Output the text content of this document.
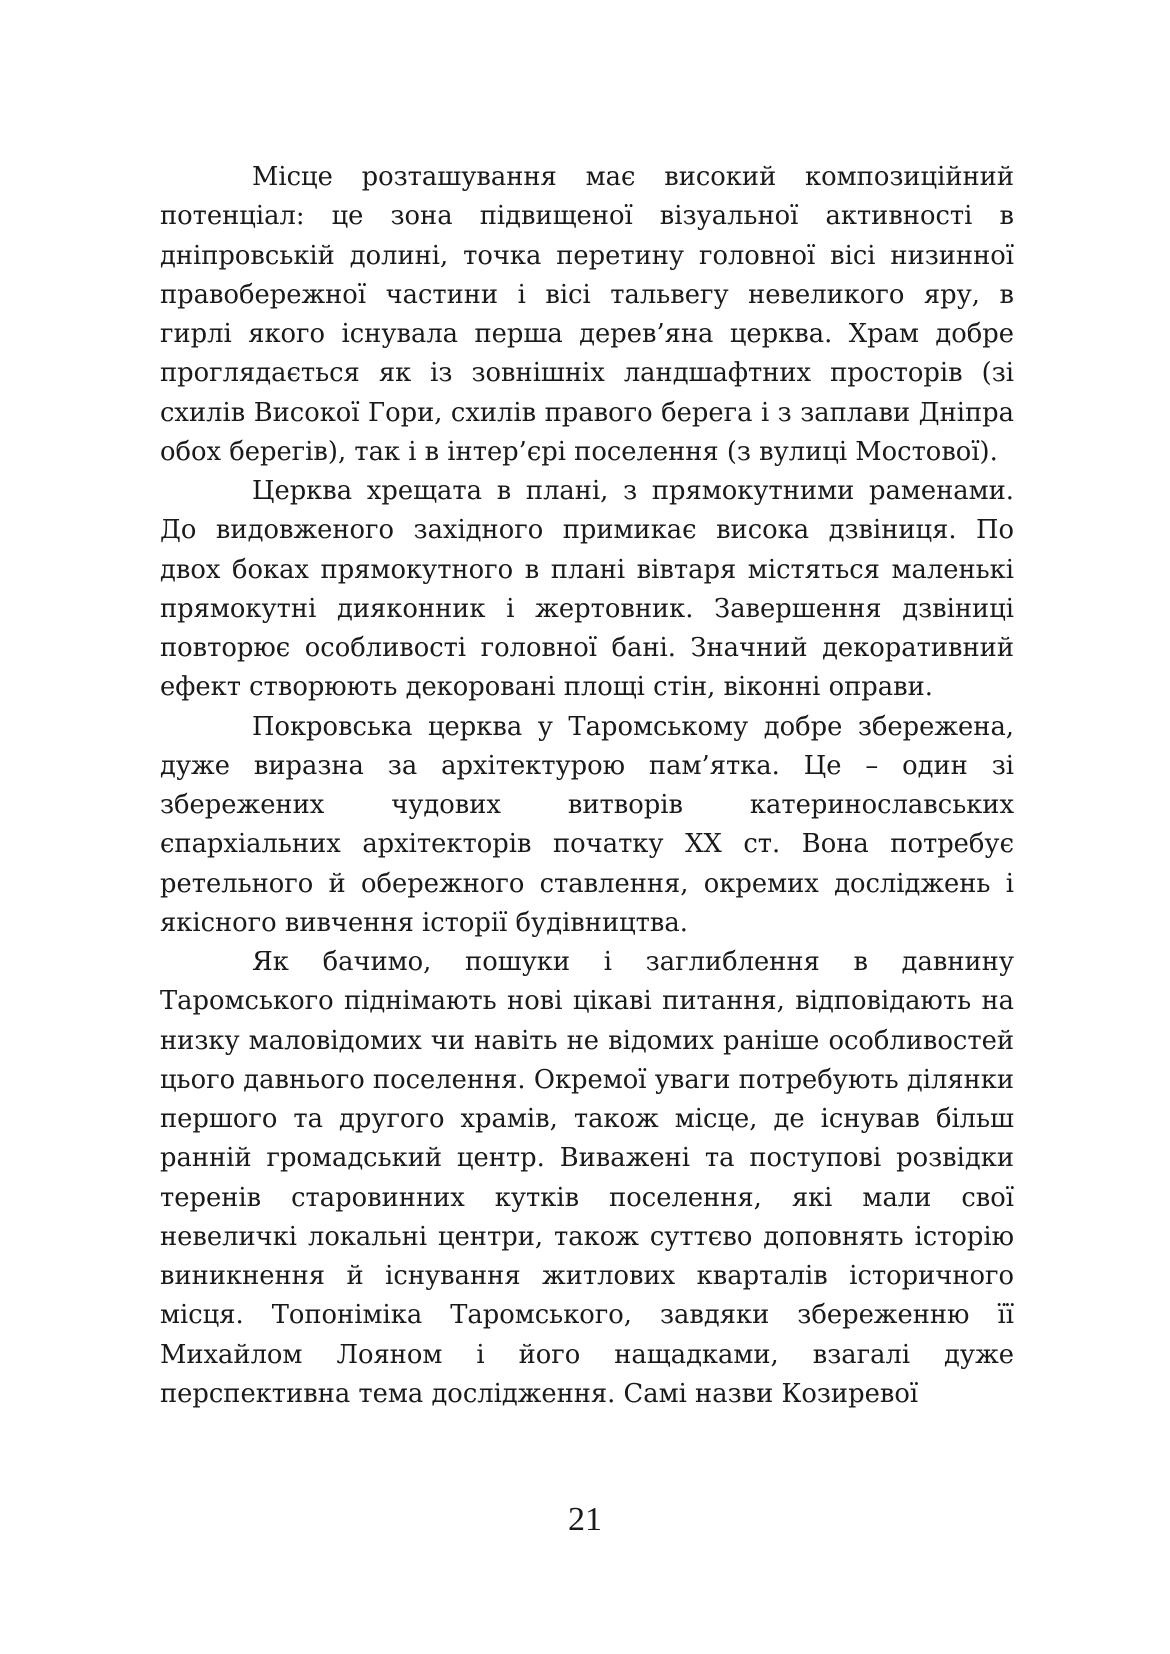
Місце розташування має високий композиційний потенціал: це зона підвищеної візуальної активності в дніпровській долині, точка перетину головної вісі низинної правобережної частини і вісі тальвегу невеликого яру, в гирлі якого існувала перша дерев’яна церква. Храм добре проглядається як із зовнішніх ландшафтних просторів (зі схилів Високої Гори, схилів правого берега і з заплави Дніпра обох берегів), так і в інтер’єрі поселення (з вулиці Мостової).

Церква хрещата в плані, з прямокутними раменами. До видовженого західного примикає висока дзвіниця. По двох боках прямокутного в плані вівтаря містяться маленькі прямокутні дияконник і жертовник. Завершення дзвіниці повторює особливості головної бані. Значний декоративний ефект створюють декоровані площі стін, віконні оправи.

Покровська церква у Таромському добре збережена, дуже виразна за архітектурою пам’ятка. Це – один зі збережених чудових витворів катеринославських єпархіальних архітекторів початку ХХ ст. Вона потребує ретельного й обережного ставлення, окремих досліджень і якісного вивчення історії будівництва.

Як бачимо, пошуки і заглиблення в давнину Таромського піднімають нові цікаві питання, відповідають на низку маловідомих чи навіть не відомих раніше особливостей цього давнього поселення. Окремої уваги потребують ділянки першого та другого храмів, також місце, де існував більш ранній громадський центр. Виважені та поступові розвідки теренів старовинних кутків поселення, які мали свої невеличкі локальні центри, також суттєво доповнять історію виникнення й існування житлових кварталів історичного місця. Топоніміка Таромського, завдяки збереженню її Михайлом Лояном і його нащадками, взагалі дуже перспективна тема дослідження. Самі назви Козиревої

21
